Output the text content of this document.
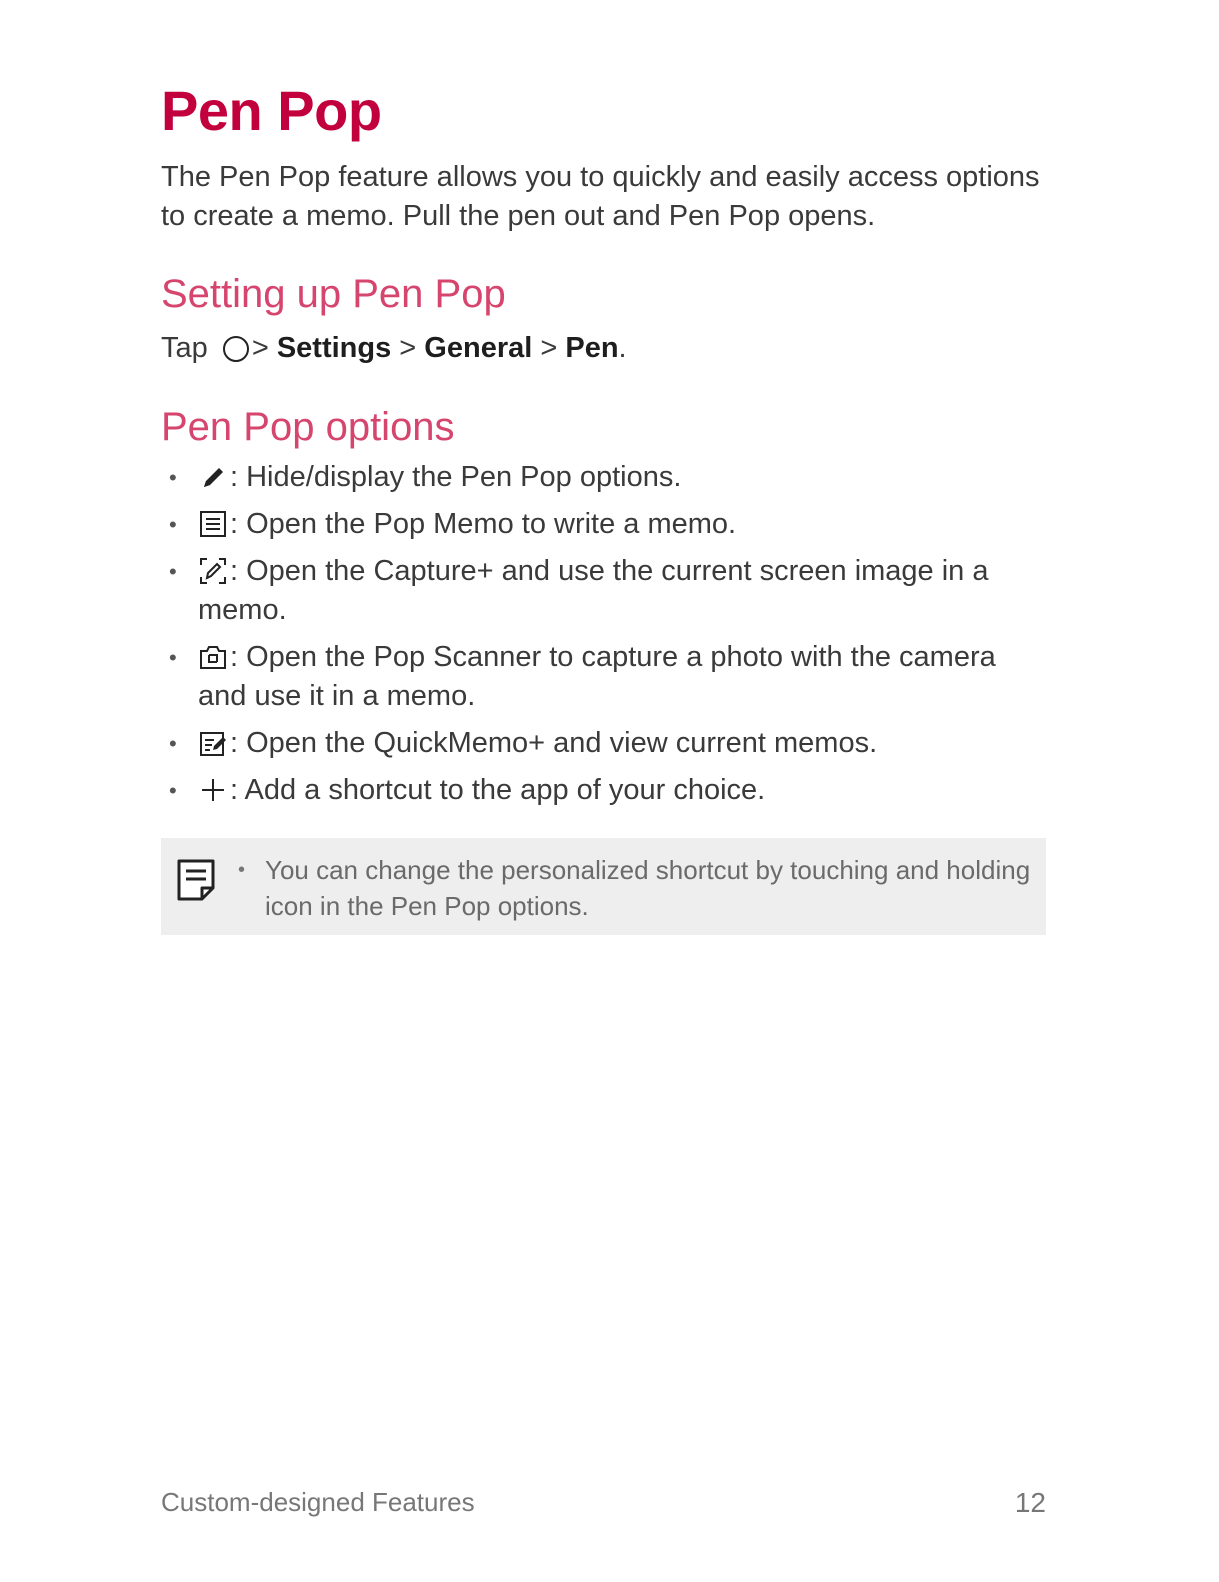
Pen Pop

The Pen Pop feature allows you to quickly and easily access options to create a memo. Pull the pen out and Pen Pop opens.

Setting up Pen Pop

Tap > Settings > General > Pen.

Pen Pop options
• : Hide/display the Pen Pop options.
• : Open the Pop Memo to write a memo.
• : Open the Capture+ and use the current screen image in a memo.
• : Open the Pop Scanner to capture a photo with the camera and use it in a memo.
• : Open the QuickMemo+ and view current memos.
• : Add a shortcut to the app of your choice.
• You can change the personalized shortcut by touching and holding icon in the Pen Pop options.
Custom-designed Features	12
